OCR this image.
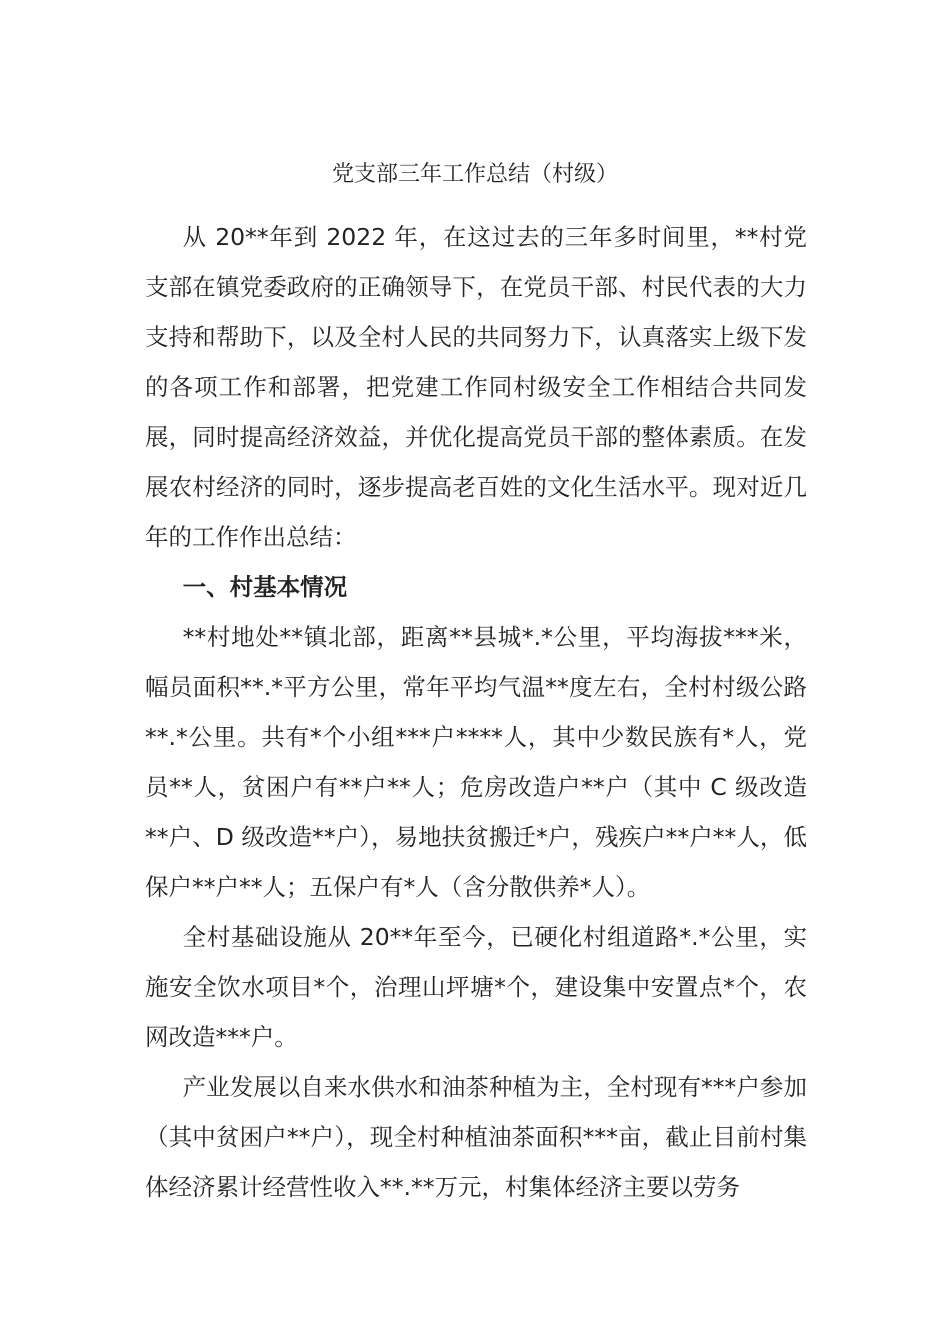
党支部三年工作总结（村级）

从 20**年到 2022 年，在这过去的三年多时间里，**村党支部在镇党委政府的正确领导下，在党员干部、村民代表的大力支持和帮助下，以及全村人民的共同努力下，认真落实上级下发的各项工作和部署，把党建工作同村级安全工作相结合共同发展，同时提高经济效益，并优化提高党员干部的整体素质。在发展农村经济的同时，逐步提高老百姓的文化生活水平。现对近几年的工作作出总结：

一、村基本情况

**村地处**镇北部，距离**县城*.*公里，平均海拔***米，幅员面积**.*平方公里，常年平均气温**度左右，全村村级公路**.*公里。共有*个小组***户****人，其中少数民族有*人，党员**人，贫困户有**户**人；危房改造户**户（其中 C 级改造**户、D 级改造**户），易地扶贫搬迁*户，残疾户**户**人，低保户**户**人；五保户有*人（含分散供养*人）。

全村基础设施从 20**年至今，已硬化村组道路*.*公里，实施安全饮水项目*个，治理山坪塘*个，建设集中安置点*个，农网改造***户。

产业发展以自来水供水和油茶种植为主，全村现有***户参加（其中贫困户**户），现全村种植油茶面积***亩，截止目前村集体经济累计经营性收入**.**万元，村集体经济主要以劳务
